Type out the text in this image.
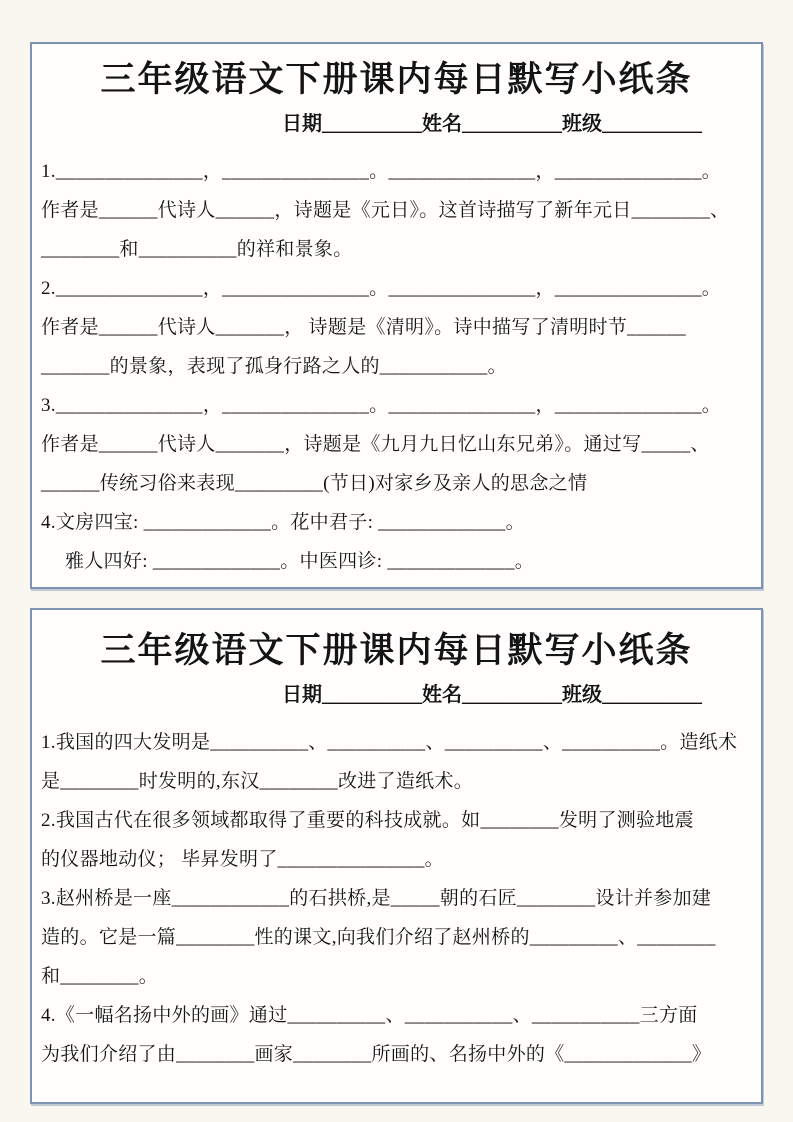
三年级语文下册课内每日默写小纸条
日期__________姓名__________班级__________
1._______________，_______________。_______________，_______________。
作者是______代诗人______，诗题是《元日》。这首诗描写了新年元日________、
________和__________的祥和景象。
2._______________，_______________。_______________，_______________。
作者是______代诗人_______， 诗题是《清明》。诗中描写了清明时节______
_______的景象，表现了孤身行路之人的___________。
3._______________，_______________。_______________，_______________。
作者是______代诗人_______，诗题是《九月九日忆山东兄弟》。通过写_____、
______传统习俗来表现_________(节日)对家乡及亲人的思念之情
4.文房四宝: _____________。花中君子: _____________。
雅人四好: _____________。中医四诊: _____________。
三年级语文下册课内每日默写小纸条
日期__________姓名__________班级__________
1.我国的四大发明是__________、__________、__________、__________。造纸术
是________时发明的,东汉________改进了造纸术。
2.我国古代在很多领域都取得了重要的科技成就。如________发明了测验地震
的仪器地动仪； 毕昇发明了_______________。
3.赵州桥是一座____________的石拱桥,是_____朝的石匠________设计并参加建
造的。它是一篇________性的课文,向我们介绍了赵州桥的_________、________
和________。
4.《一幅名扬中外的画》通过__________、___________、___________三方面
为我们介绍了由________画家________所画的、名扬中外的《_____________》
